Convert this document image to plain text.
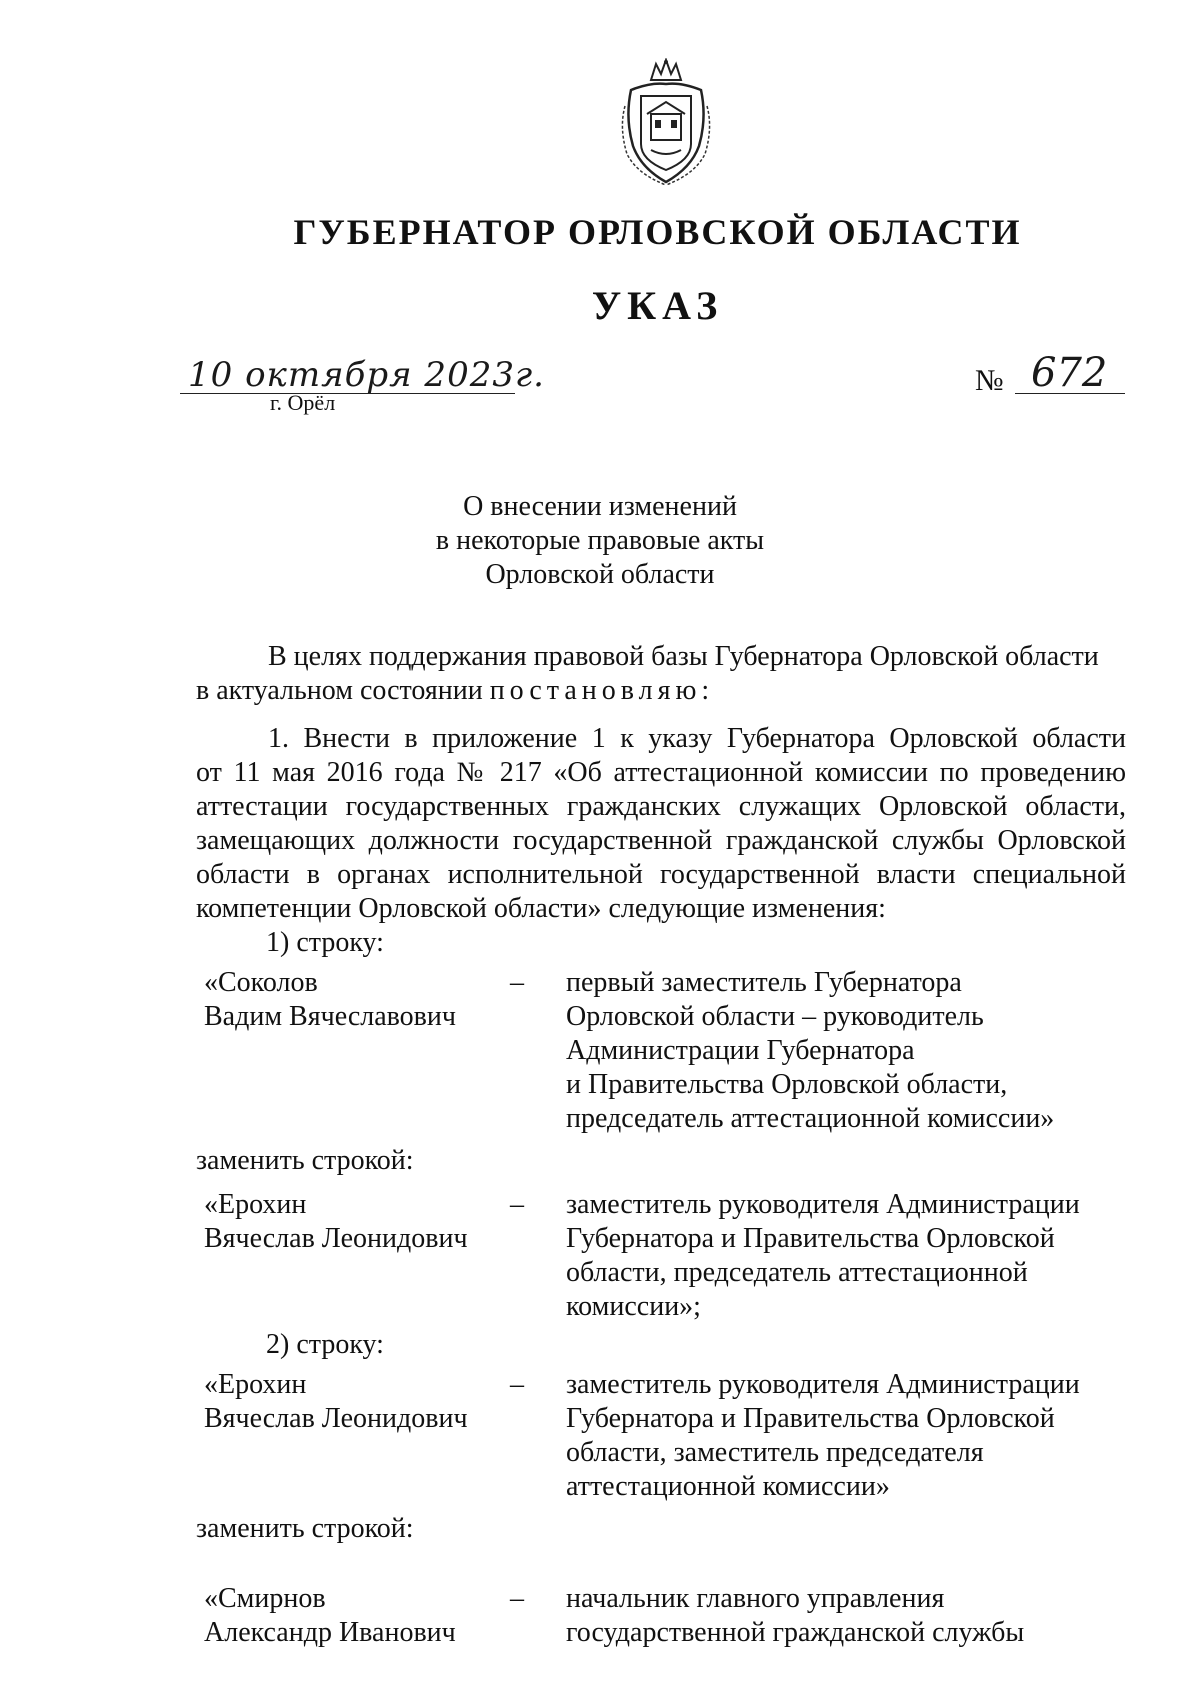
ГУБЕРНАТОР ОРЛОВСКОЙ ОБЛАСТИ
УКАЗ
10 октября 2023г.
г. Орёл
№ 672
О внесении изменений
в некоторые правовые акты
Орловской области
В целях поддержания правовой базы Губернатора Орловской области
в актуальном состоянии постановляю:
1. Внести в приложение 1 к указу Губернатора Орловской области
от 11 мая 2016 года № 217 «Об аттестационной комиссии по проведению
аттестации государственных гражданских служащих Орловской области,
замещающих должности государственной гражданской службы Орловской
области в органах исполнительной государственной власти специальной
компетенции Орловской области» следующие изменения:
1) строку:
«Соколов
Вадим Вячеславович
– первый заместитель Губернатора
Орловской области – руководитель
Администрации Губернатора
и Правительства Орловской области,
председатель аттестационной комиссии»
заменить строкой:
«Ерохин
Вячеслав Леонидович
– заместитель руководителя Администрации
Губернатора и Правительства Орловской
области, председатель аттестационной
комиссии»;
2) строку:
«Ерохин
Вячеслав Леонидович
– заместитель руководителя Администрации
Губернатора и Правительства Орловской
области, заместитель председателя
аттестационной комиссии»
заменить строкой:
«Смирнов
Александр Иванович
– начальник главного управления
государственной гражданской службы
